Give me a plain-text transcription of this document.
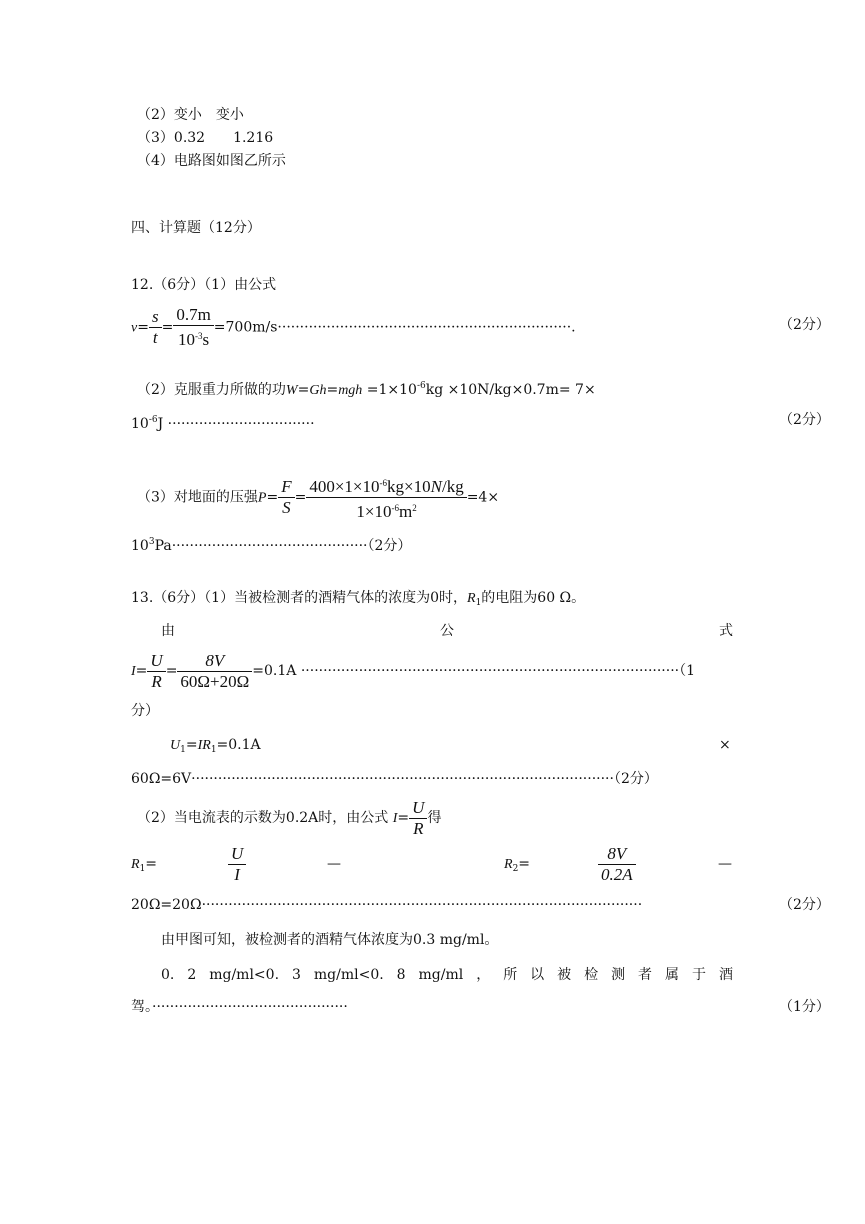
（2）变小　变小
（3）0.32　　1.216
（4）电路图如图乙所示
四、计算题（12分）
12.（6分）（1）由公式
$v= \frac{s}{t} = \frac{0.7m}{10^{-3}s} =700m/s\cdot\cdot\cdot\cdot\cdot\cdot\cdot\cdot\cdot\cdot\cdot\cdot\cdot\cdot\cdot\cdot\cdot\cdot\cdot\cdot\cdot\cdot\cdot\cdot\cdot\cdot\cdot\cdot\cdot\cdot\cdot\cdot\cdot\cdot\cdot\cdot\cdot\cdot\cdot\cdot\cdot\cdot\cdot\cdot\cdot\cdot\cdot\cdot\cdot\cdot\cdot\cdot\cdot\cdot\cdot\cdot\cdot\cdot\cdot\cdot\cdot\cdot\cdot\cdot\cdot\cdot$.	（2分）
（2）克服重力所做的功$W=Gh=mgh =1\times 10^{-6}kg \times 10N/kg\times 0.7m= 7\times$
$10^{-6}J$ ·································	（2分）
（3）对地面的压强$P= \frac{F}{S} = \frac{400\times 1\times 10^{-6}kg\times 10N/kg}{1\times 10^{-6}m^2} =4\times$
$10^3Pa\cdot\cdot\cdot\cdot\cdot\cdot\cdot\cdot\cdot\cdot\cdot\cdot\cdot\cdot\cdot\cdot\cdot\cdot\cdot\cdot\cdot\cdot\cdot\cdot\cdot\cdot\cdot\cdot\cdot\cdot\cdot\cdot\cdot\cdot\cdot\cdot\cdot\cdot\cdot\cdot\cdot\cdot\cdot\cdot(2$分）
13.（6分）（1）当被检测者的酒精气体的浓度为0时，$R_1$的电阻为60 Ω。
由	公	式
$I= \frac{U}{R} = \frac{8V}{60\Omega+20\Omega} =0.1A \cdot\cdot\cdot\cdot\cdot\cdot\cdot\cdot\cdot\cdot\cdot\cdot\cdot\cdot\cdot\cdot\cdot\cdot\cdot\cdot\cdot\cdot\cdot\cdot\cdot\cdot\cdot\cdot\cdot\cdot\cdot\cdot\cdot\cdot\cdot\cdot\cdot\cdot\cdot\cdot\cdot\cdot\cdot\cdot\cdot\cdot\cdot\cdot\cdot\cdot\cdot\cdot\cdot\cdot\cdot\cdot\cdot\cdot\cdot\cdot\cdot\cdot\cdot\cdot\cdot\cdot\cdot\cdot\cdot\cdot\cdot\cdot\cdot\cdot\cdot\cdot\cdot\cdot\cdot\cdot\cdot\cdot\cdot\cdot\cdot(1$
分）
$U_1=IR_1=0.1A$	×
60Ω=6V·······························································································（2分）
（2）当电流表的示数为0.2A时，由公式 $I= \frac{U}{R}$ 得
$R_1=$	$\frac{U}{I}$	—	$R_2=$	$\frac{8V}{0.2A}$	—
20Ω=20Ω···································································································	（2分）
由甲图可知，被检测者的酒精气体浓度为0.3 mg/ml。
0. 2 mg/ml<0. 3 mg/ml<0. 8 mg/ml ， 所 以 被 检 测 者 属 于 酒
驾。············································	（1分）
